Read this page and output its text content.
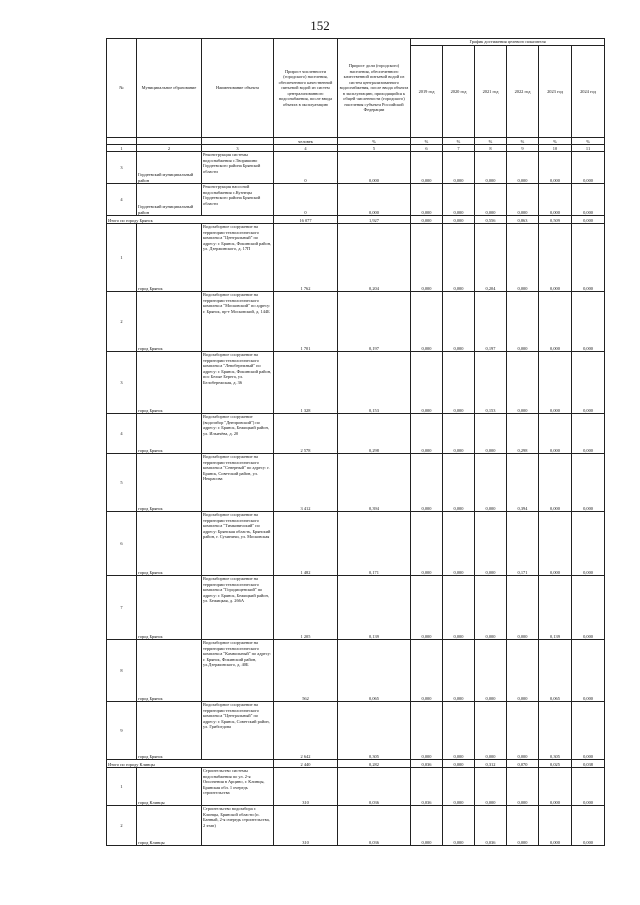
152
№	Муниципальное образование	Наименование объекта	Прирост численности (городского) населения, обеспеченного качественной питьевой водой из систем централизованного водоснабжения, после ввода объекта в эксплуатацию	Прирост доли (городского) населения, обеспеченного качественной питьевой водой из систем централизованного водоснабжения, после ввода объекта в эксплуатацию, приходящийся к общей численности (городского) населения субъекта Российской Федерации	График достижения целевого показателя					
					2019 год	2020 год	2021 год	2022 год	2023 год	2024 год
			человек	%	%	%	%	%	%	%
1	2	3	4	5	6	7	8	9	10	11
3	Гордеевский муниципальный район	Реконструкция системы водоснабжения с.Творишино Гордеевского района Брянской области	0	0,000	0,000	0,000	0,000	0,000	0,000	0,000
4	Гордеевский муниципальный район	Реконструкция насосной водоснабжения с.Кузнецы Гордеевского района Брянской области	0	0,000	0,000	0,000	0,000	0,000	0,000	0,000
Итого по городу Брянск			16 077	1,927	0,000	0,000	0,556	0,863	0,509	0,000
1	город Брянск	Водозаборное сооружение на территории технологического комплекса "Центральный" по адресу: г. Брянск, Фокинский район, ул. Дзержинского, д. 17П	1 762	0,204	0,000	0,000	0,204	0,000	0,000	0,000
2	город Брянск	Водозаборное сооружение на территории технологического комплекса "Московский" по адресу: г. Брянск, пр-т Московский, д. 144Б	1 701	0,197	0,000	0,000	0,197	0,000	0,000	0,000
3	город Брянск	Водозаборное сооружение на территории технологического комплекса "Левобережный" по адресу: г. Брянск, Фокинский район, пос Белые Берега, ул. Белобережская, д. 36	1 328	0,153	0,000	0,000	0,153	0,000	0,000	0,000
4	город Брянск	Водозаборное сооружение (водозабор "Днепровский") по адресу: г. Брянск, Бежицкий район, ул. Ильичёва, д. 20	2 578	0,298	0,000	0,000	0,000	0,298	0,000	0,000
5	город Брянск	Водозаборное сооружение на территории технологического комплекса "Северный" по адресу: г. Брянск, Советский район, ул. Некрасова	3 412	0,394	0,000	0,000	0,000	0,394	0,000	0,000
6	город Брянск	Водозаборное сооружение на территории технологического комплекса "Тимковичский" по адресу: Брянская область, Брянский район, г. Сухиничи, ул. Московская	1 482	0,171	0,000	0,000	0,000	0,171	0,000	0,000
7	город Брянск	Водозаборное сооружение на территории технологического комплекса "Городищенский" по адресу: г. Брянск, Бежицкий район, ул. Бежицкая, д. 266А	1 205	0,139	0,000	0,000	0,000	0,000	0,139	0,000
8	город Брянск	Водозаборное сооружение на территории технологического комплекса "Камвольный" по адресу: г. Брянск, Фокинский район, ул.Дзержинского, д. 40Б	562	0,065	0,000	0,000	0,000	0,000	0,065	0,000
9	город Брянск	Водозаборное сооружение на территории технологического комплекса "Центральный" по адресу: г. Брянск, Советский район, ул. Грибоедова	2 642	0,305	0,000	0,000	0,000	0,000	0,305	0,000
Итого по городу Клинцы			2 440	0,282	0,036	0,000	0,312	0,070	0,025	0,038
1	город Клинцы	Строительство системы водоснабжения по ул. 2-я Ополчения в Арцино, г. Клинцы, Брянская обл. 1 очередь строительства	310	0,036	0,036	0,000	0,000	0,000	0,000	0,000
2	город Клинцы	Строительство водозабора г. Клинцы, Брянской области (п. Банный, 2-я очередь строительства, 2 этап)	310	0,036	0,000	0,000	0,036	0,000	0,000	0,000
